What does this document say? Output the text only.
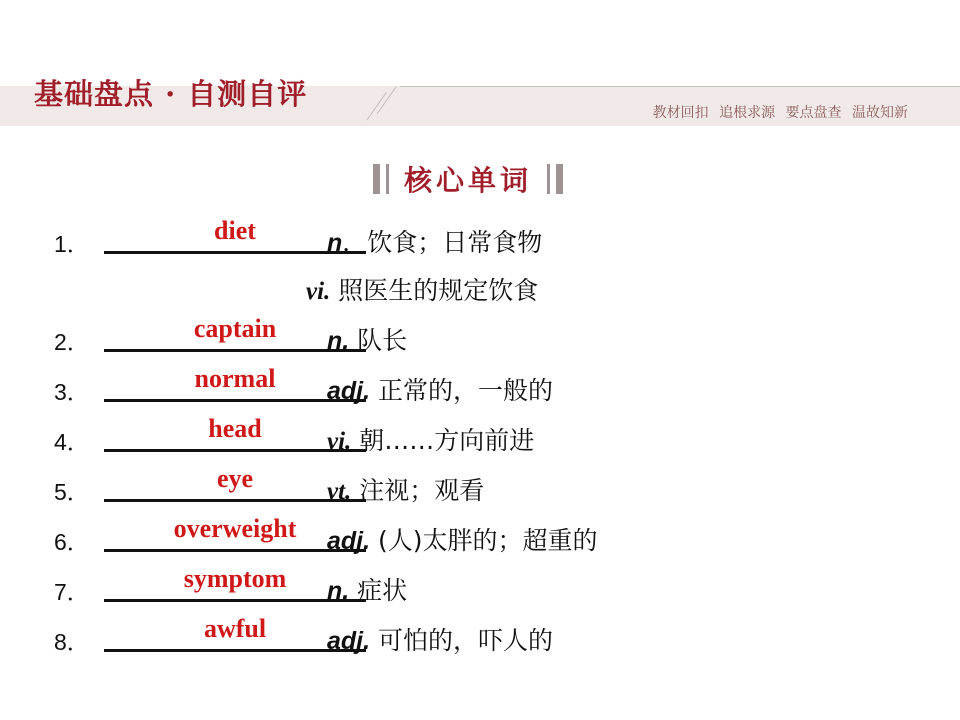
基础盘点 · 自测自评
教材回扣 追根求源 要点盘查 温故知新
核心单词
1．	diet	n．饮食；日常食物
vi. 照医生的规定饮食
2．	captain	n. 队长
3．	normal	adj. 正常的，一般的
4．	head	vi. 朝……方向前进
5．	eye	vt. 注视；观看
6．	overweight	adj. (人)太胖的；超重的
7．	symptom	n. 症状
8．	awful	adj. 可怕的，吓人的
